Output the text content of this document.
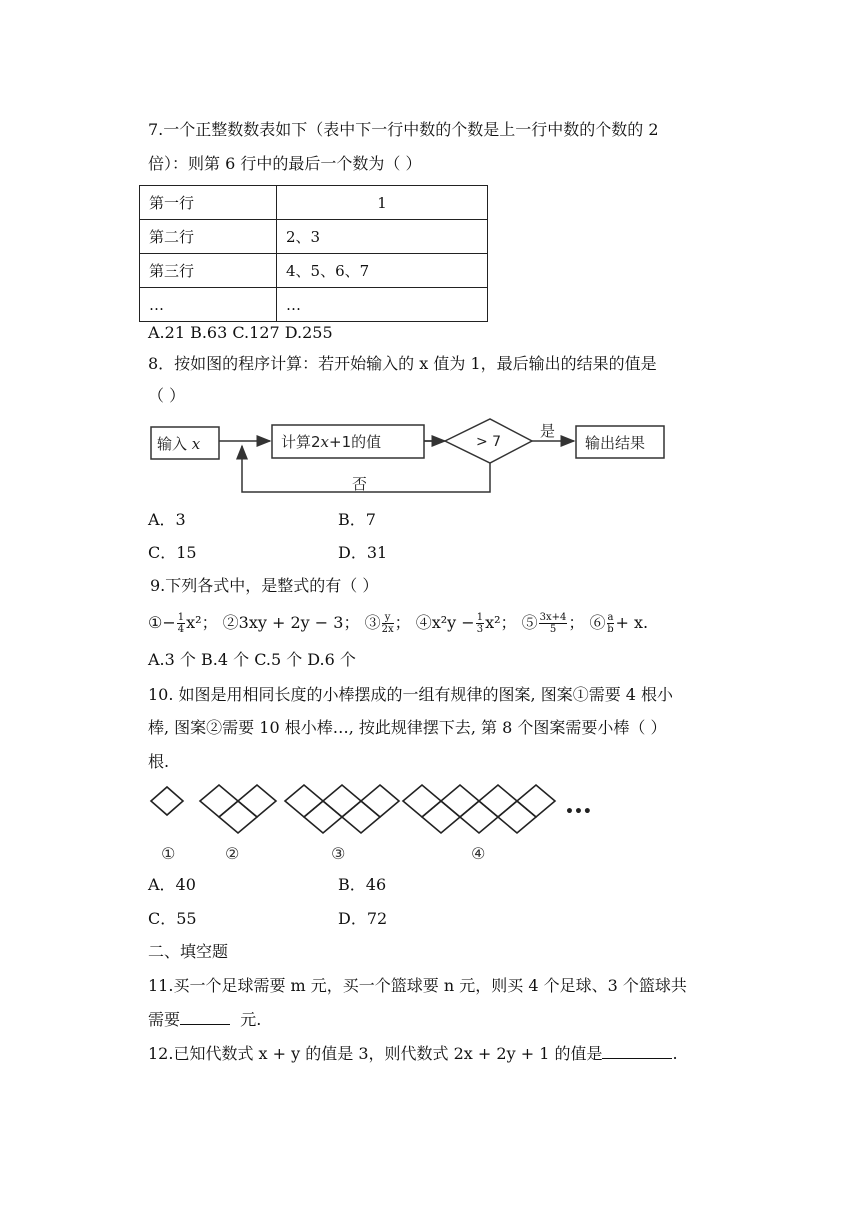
7.一个正整数数表如下（表中下一行中数的个数是上一行中数的个数的 2
倍）：则第 6 行中的最后一个数为（ ）
第一行	1
第二行	2、3
第三行	4、5、6、7
…	…
A.21 B.63 C.127 D.255
8．按如图的程序计算：若开始输入的 x 值为 1，最后输出的结果的值是
（ ）
输入 x	计算2x+1的值	> 7
是
输出结果
否
A．3	B．7
C．15	D．31
9.下列各式中，是整式的有（ ）
①− $\frac{1}{4} x^2$； ②3xy + 2y − 3； ③ $\frac{y}{2x}$ ； ④x²y − $\frac{1}{3} x^2$； ⑤ $\frac{3x+4}{5}$ ； ⑥ $\frac{a}{b} + x$.
A.3 个 B.4 个 C.5 个 D.6 个
10. 如图是用相同长度的小棒摆成的一组有规律的图案, 图案①需要 4 根小
棒, 图案②需要 10 根小棒…, 按此规律摆下去, 第 8 个图案需要小棒（ ）
根.
•••
①	②	③	④
A．40	B．46
C．55	D．72
二、填空题
11.买一个足球需要 m 元，买一个篮球要 n 元，则买 4 个足球、3 个篮球共
需要	元.
12.已知代数式 x + y 的值是 3，则代数式 2x + 2y + 1 的值是	.
